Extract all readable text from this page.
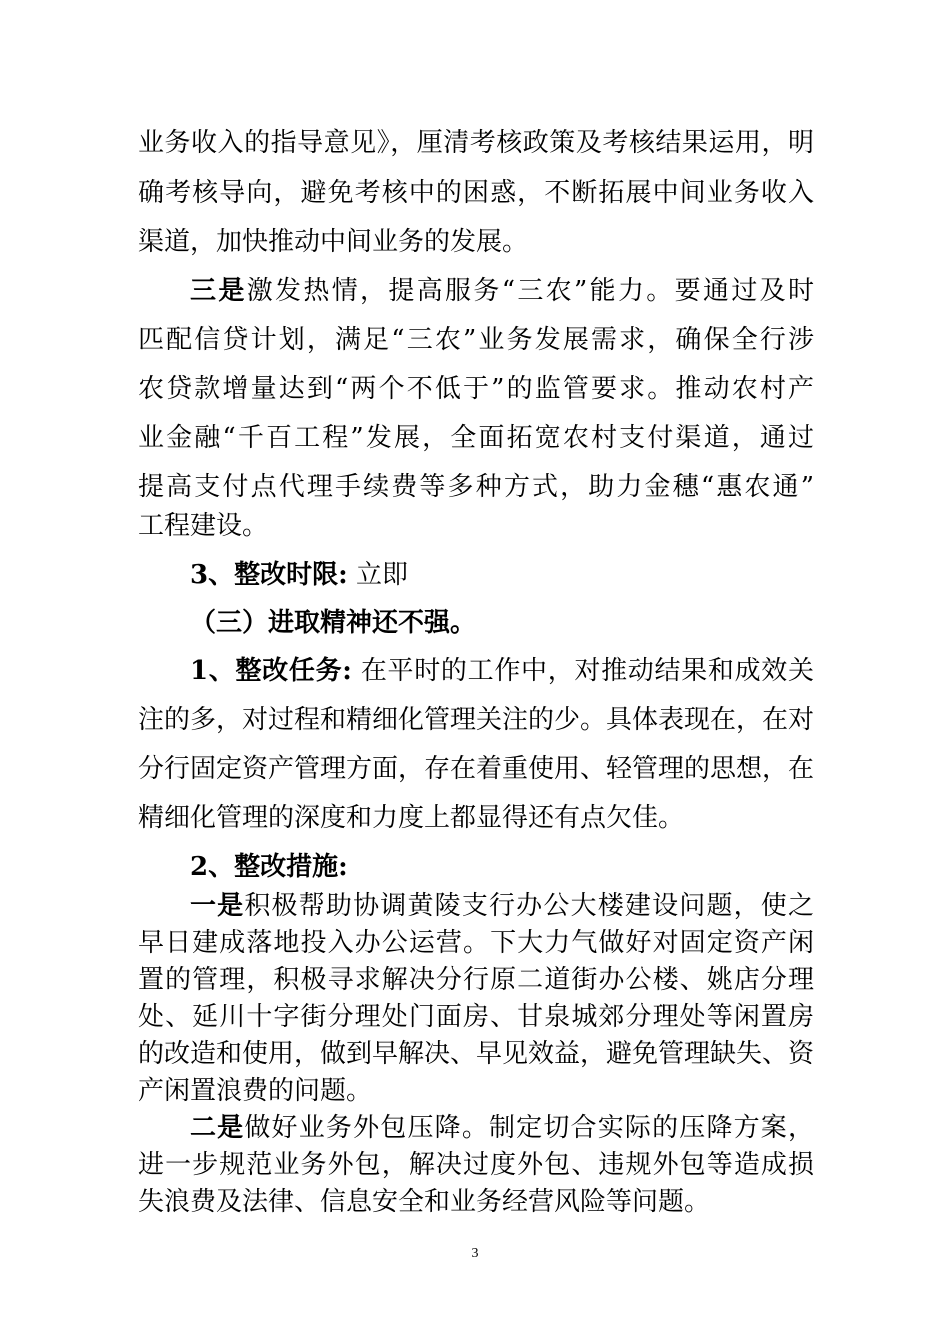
业务收入的指导意见》，厘清考核政策及考核结果运用，明
确考核导向，避免考核中的困惑，不断拓展中间业务收入
渠道，加快推动中间业务的发展。
三是激发热情，提高服务“三农”能力。要通过及时
匹配信贷计划，满足“三农”业务发展需求，确保全行涉
农贷款增量达到“两个不低于”的监管要求。推动农村产
业金融“千百工程”发展，全面拓宽农村支付渠道，通过
提高支付点代理手续费等多种方式，助力金穗“惠农通”
工程建设。
3、整改时限: 立即
（三）进取精神还不强。
1、整改任务: 在平时的工作中，对推动结果和成效关
注的多，对过程和精细化管理关注的少。具体表现在，在对
分行固定资产管理方面，存在着重使用、轻管理的思想，在
精细化管理的深度和力度上都显得还有点欠佳。
2、整改措施:
一是积极帮助协调黄陵支行办公大楼建设问题，使之
早日建成落地投入办公运营。下大力气做好对固定资产闲
置的管理，积极寻求解决分行原二道街办公楼、姚店分理
处、延川十字街分理处门面房、甘泉城郊分理处等闲置房
的改造和使用，做到早解决、早见效益，避免管理缺失、资
产闲置浪费的问题。
二是做好业务外包压降。制定切合实际的压降方案，
进一步规范业务外包，解决过度外包、违规外包等造成损
失浪费及法律、信息安全和业务经营风险等问题。
3
